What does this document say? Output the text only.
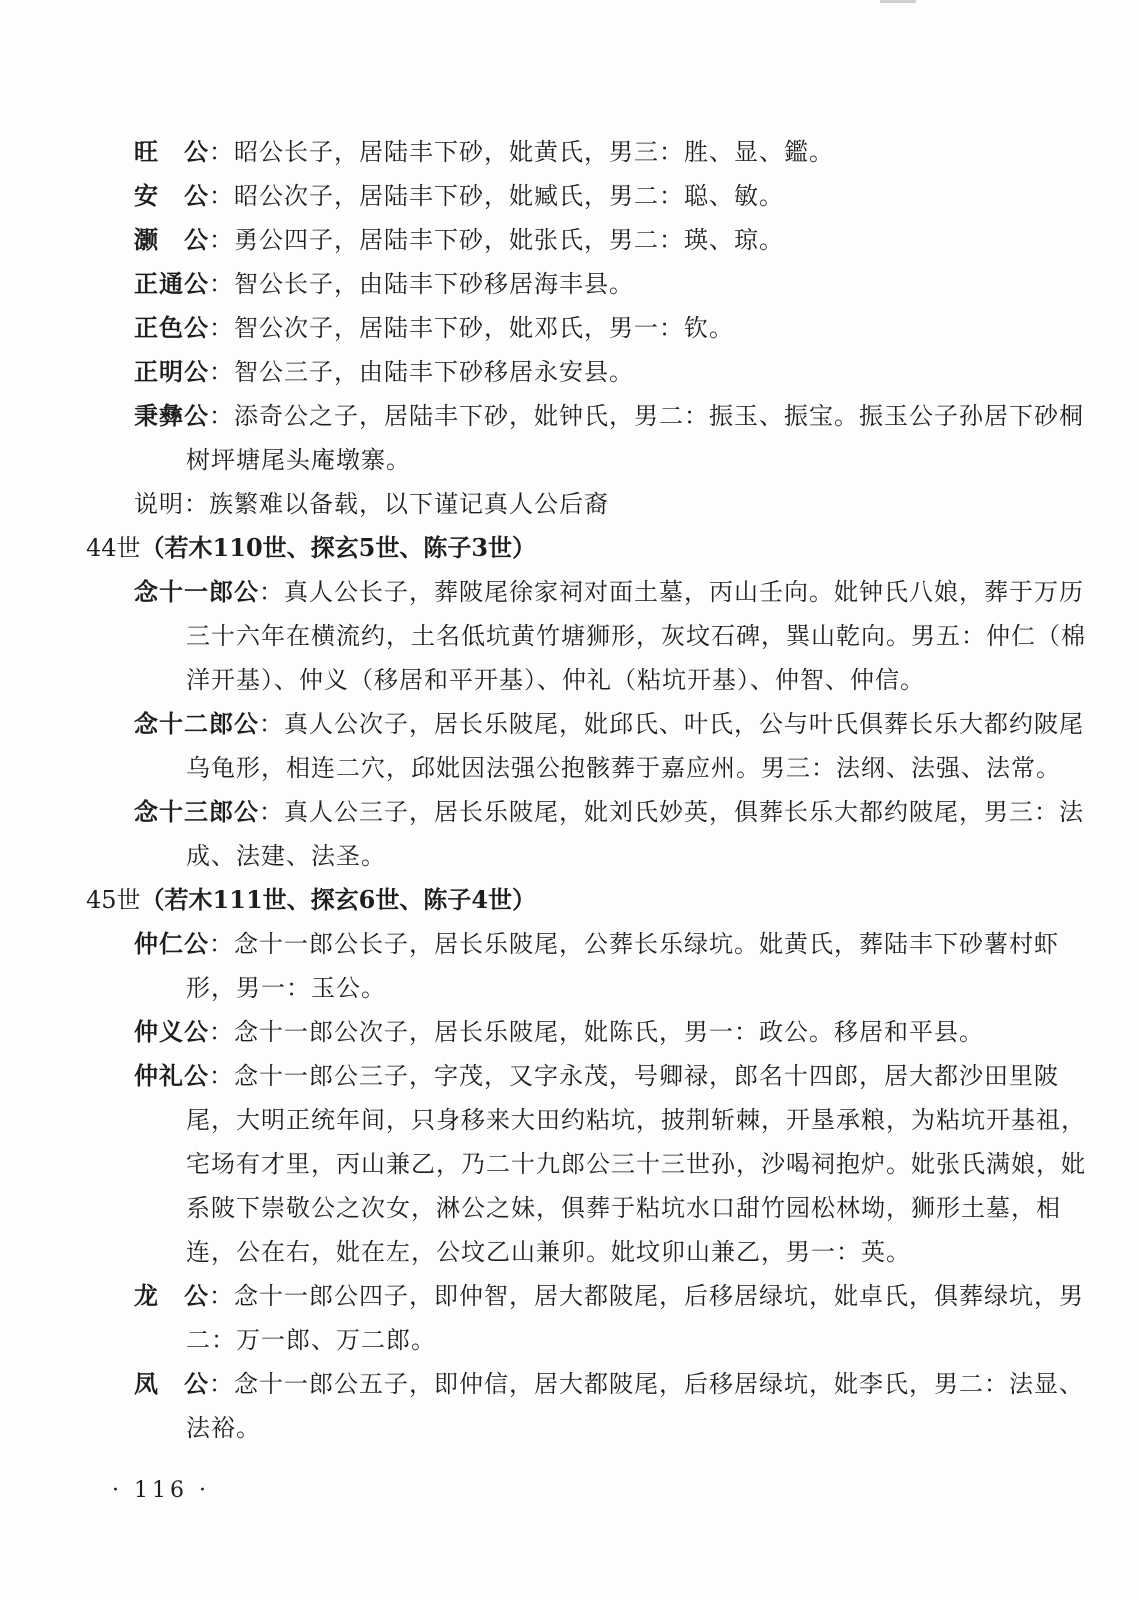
旺　公：昭公长子，居陆丰下砂，妣黄氏，男三：胜、显、鑑。

安　公：昭公次子，居陆丰下砂，妣臧氏，男二：聪、敏。

灏　公：勇公四子，居陆丰下砂，妣张氏，男二：瑛、琼。

正通公：智公长子，由陆丰下砂移居海丰县。

正色公：智公次子，居陆丰下砂，妣邓氏，男一：钦。

正明公：智公三子，由陆丰下砂移居永安县。

秉彝公：添奇公之子，居陆丰下砂，妣钟氏，男二：振玉、振宝。振玉公子孙居下砂桐树坪塘尾头庵墩寨。

说明：族繁难以备载，以下谨记真人公后裔

44世（若木110世、探玄5世、陈子3世）

念十一郎公：真人公长子，葬陂尾徐家祠对面土墓，丙山壬向。妣钟氏八娘，葬于万历三十六年在横流约，土名低坑黄竹塘狮形，灰坟石碑，巽山乾向。男五：仲仁（棉洋开基）、仲义（移居和平开基）、仲礼（粘坑开基）、仲智、仲信。

念十二郎公：真人公次子，居长乐陂尾，妣邱氏、叶氏，公与叶氏俱葬长乐大都约陂尾乌龟形，相连二穴，邱妣因法强公抱骸葬于嘉应州。男三：法纲、法强、法常。

念十三郎公：真人公三子，居长乐陂尾，妣刘氏妙英，俱葬长乐大都约陂尾，男三：法成、法建、法圣。

45世（若木111世、探玄6世、陈子4世）

仲仁公：念十一郎公长子，居长乐陂尾，公葬长乐绿坑。妣黄氏，葬陆丰下砂薯村虾形，男一：玉公。

仲义公：念十一郎公次子，居长乐陂尾，妣陈氏，男一：政公。移居和平县。

仲礼公：念十一郎公三子，字茂，又字永茂，号卿禄，郎名十四郎，居大都沙田里陂尾，大明正统年间，只身移来大田约粘坑，披荆斩棘，开垦承粮，为粘坑开基祖，宅场有才里，丙山兼乙，乃二十九郎公三十三世孙，沙喝祠抱炉。妣张氏满娘，妣系陂下崇敬公之次女，淋公之妹，俱葬于粘坑水口甜竹园松林坳，狮形土墓，相连，公在右，妣在左，公坟乙山兼卯。妣坟卯山兼乙，男一：英。

龙　公：念十一郎公四子，即仲智，居大都陂尾，后移居绿坑，妣卓氏，俱葬绿坑，男二：万一郎、万二郎。

凤　公：念十一郎公五子，即仲信，居大都陂尾，后移居绿坑，妣李氏，男二：法显、法裕。

· 116 ·
